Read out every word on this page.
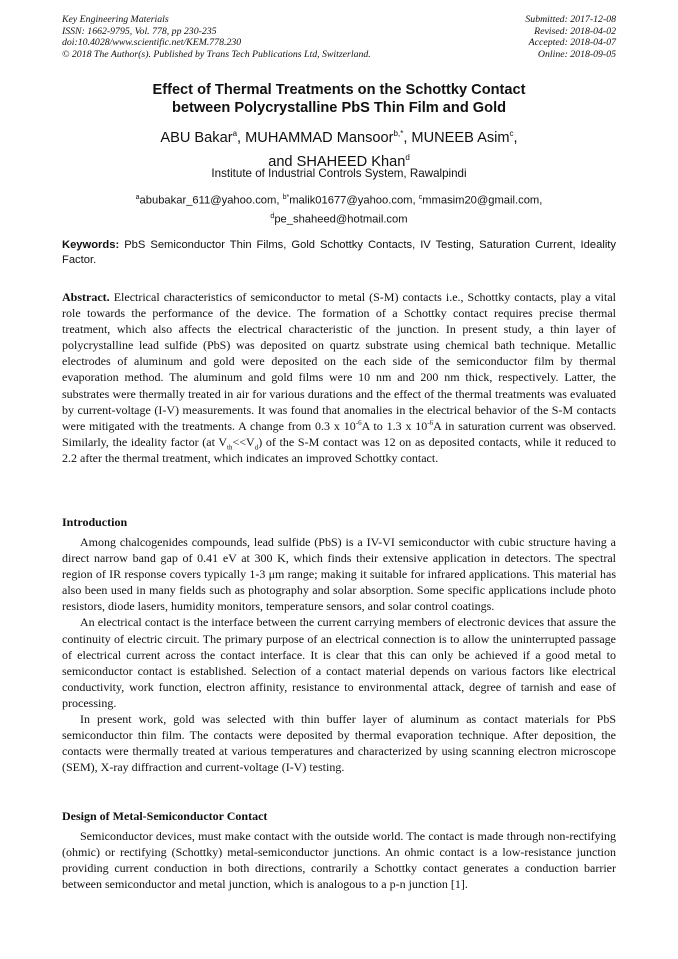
Key Engineering Materials
ISSN: 1662-9795, Vol. 778, pp 230-235
doi:10.4028/www.scientific.net/KEM.778.230
© 2018 The Author(s). Published by Trans Tech Publications Ltd, Switzerland.
Submitted: 2017-12-08
Revised: 2018-04-02
Accepted: 2018-04-07
Online: 2018-09-05
Effect of Thermal Treatments on the Schottky Contact
between Polycrystalline PbS Thin Film and Gold
ABU Bakar$^a$, MUHAMMAD Mansoor$^{b,*}$, MUNEEB Asim$^c$,
and SHAHEED Khan$^d$
Institute of Industrial Controls System, Rawalpindi
$^a$abubakar_611@yahoo.com, $^{b*}$malik01677@yahoo.com, $^c$mmasim20@gmail.com,
$^d$pe_shaheed@hotmail.com
Keywords: PbS Semiconductor Thin Films, Gold Schottky Contacts, IV Testing, Saturation Current, Ideality Factor.

Abstract. Electrical characteristics of semiconductor to metal (S-M) contacts i.e., Schottky contacts, play a vital role towards the performance of the device. The formation of a Schottky contact requires precise thermal treatment, which also affects the electrical characteristic of the junction. In present study, a thin layer of polycrystalline lead sulfide (PbS) was deposited on quartz substrate using chemical bath technique. Metallic electrodes of aluminum and gold were deposited on the each side of the semiconductor film by thermal evaporation method. The aluminum and gold films were 10 nm and 200 nm thick, respectively. Latter, the substrates were thermally treated in air for various durations and the effect of the thermal treatments was evaluated by current-voltage (I-V) measurements. It was found that anomalies in the electrical behavior of the S-M contacts were mitigated with the treatments. A change from 0.3 x $10^{-6}A$ to 1.3 x $10^{-6}A$ in saturation current was observed. Similarly, the ideality factor (at $V_{th}<<V_d$) of the S-M contact was 12 on as deposited contacts, while it reduced to 2.2 after the thermal treatment, which indicates an improved Schottky contact.

Introduction

Among chalcogenides compounds, lead sulfide (PbS) is a IV-VI semiconductor with cubic structure having a direct narrow band gap of 0.41 eV at 300 K, which finds their extensive application in detectors. The spectral region of IR response covers typically 1-3 μm range; making it suitable for infrared applications. This material has also been used in many fields such as photography and solar absorption. Some specific applications include photo resistors, diode lasers, humidity monitors, temperature sensors, and solar control coatings.

An electrical contact is the interface between the current carrying members of electronic devices that assure the continuity of electric circuit. The primary purpose of an electrical connection is to allow the uninterrupted passage of electrical current across the contact interface. It is clear that this can only be achieved if a good metal to semiconductor contact is established. Selection of a contact material depends on various factors like electrical conductivity, work function, electron affinity, resistance to environmental attack, degree of tarnish and ease of processing.

In present work, gold was selected with thin buffer layer of aluminum as contact materials for PbS semiconductor thin film. The contacts were deposited by thermal evaporation technique. After deposition, the contacts were thermally treated at various temperatures and characterized by using scanning electron microscope (SEM), X-ray diffraction and current-voltage (I-V) testing.

Design of Metal-Semiconductor Contact

Semiconductor devices, must make contact with the outside world. The contact is made through non-rectifying (ohmic) or rectifying (Schottky) metal-semiconductor junctions. An ohmic contact is a low-resistance junction providing current conduction in both directions, contrarily a Schottky contact generates a conduction barrier between semiconductor and metal junction, which is analogous to a p-n junction [1].
